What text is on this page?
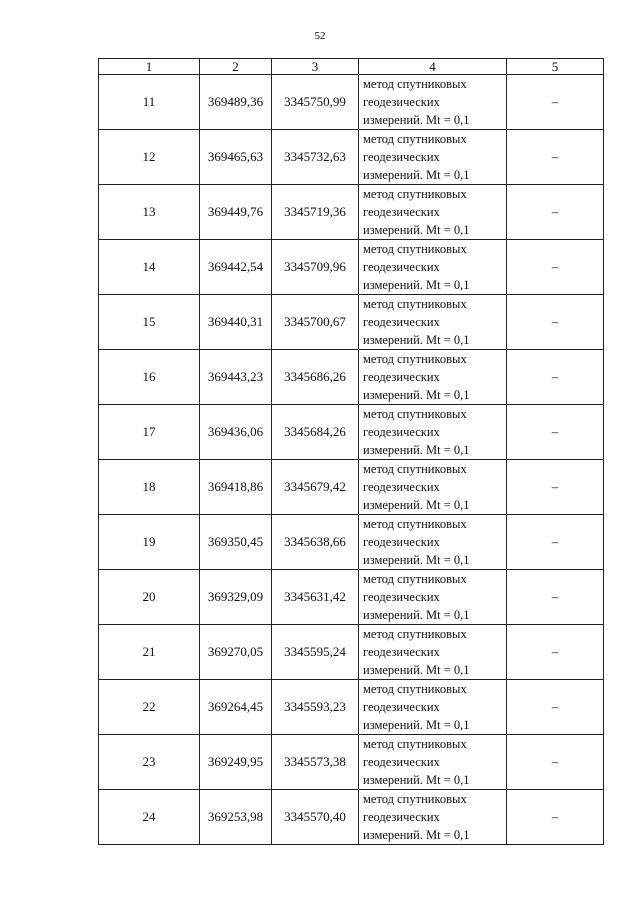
52
1	2	3	4	5
11	369489,36	3345750,99	метод спутниковых
геодезических
измерений. Mt = 0,1	–
12	369465,63	3345732,63	метод спутниковых
геодезических
измерений. Mt = 0,1	–
13	369449,76	3345719,36	метод спутниковых
геодезических
измерений. Mt = 0,1	–
14	369442,54	3345709,96	метод спутниковых
геодезических
измерений. Mt = 0,1	–
15	369440,31	3345700,67	метод спутниковых
геодезических
измерений. Mt = 0,1	–
16	369443,23	3345686,26	метод спутниковых
геодезических
измерений. Mt = 0,1	–
17	369436,06	3345684,26	метод спутниковых
геодезических
измерений. Mt = 0,1	–
18	369418,86	3345679,42	метод спутниковых
геодезических
измерений. Mt = 0,1	–
19	369350,45	3345638,66	метод спутниковых
геодезических
измерений. Mt = 0,1	–
20	369329,09	3345631,42	метод спутниковых
геодезических
измерений. Mt = 0,1	–
21	369270,05	3345595,24	метод спутниковых
геодезических
измерений. Mt = 0,1	–
22	369264,45	3345593,23	метод спутниковых
геодезических
измерений. Mt = 0,1	–
23	369249,95	3345573,38	метод спутниковых
геодезических
измерений. Mt = 0,1	–
24	369253,98	3345570,40	метод спутниковых
геодезических
измерений. Mt = 0,1	–
